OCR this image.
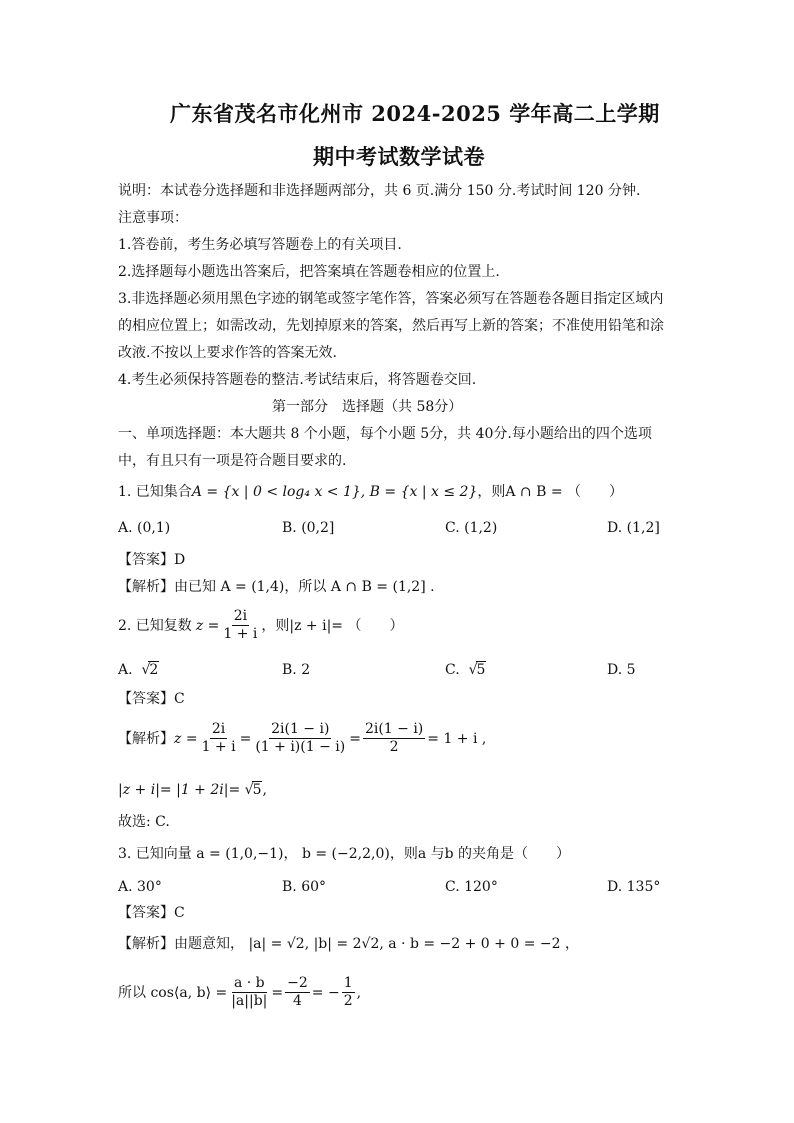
广东省茂名市化州市 2024-2025 学年高二上学期
期中考试数学试卷
说明：本试卷分选择题和非选择题两部分，共 6 页.满分 150 分.考试时间 120 分钟.
注意事项：
1.答卷前，考生务必填写答题卷上的有关项目.
2.选择题每小题选出答案后，把答案填在答题卷相应的位置上.
3.非选择题必须用黑色字迹的钢笔或签字笔作答，答案必须写在答题卷各题目指定区域内
的相应位置上；如需改动，先划掉原来的答案，然后再写上新的答案；不准使用铅笔和涂
改液.不按以上要求作答的答案无效.
4.考生必须保持答题卷的整洁.考试结束后，将答题卷交回.
第一部分　选择题（共 58分）
一、单项选择题：本大题共 8 个小题，每个小题 5分，共 40分.每小题给出的四个选项
中，有且只有一项是符合题目要求的.
1. 已知集合A = {x | 0 < log₄ x < 1}, B = {x | x ≤ 2}，则A ∩ B = （　　）
A. (0,1)	B. (0,2]	C. (1,2)	D. (1,2]
【答案】D
【解析】由已知 A = (1,4)，所以 A ∩ B = (1,2] .
2. 已知复数 $z = \frac{2i}{1 + i}$ ，则|z + i|= （　　）
A. √2	B. 2	C. √5	D. 5
【答案】C
【解析】 $z = \frac{2i}{1 + i} = \frac{2i(1 - i)}{(1 + i)(1 - i)} = \frac{2i(1 - i)}{2} = 1 + i$ ,
|z + i|= |1 + 2i|= √5,
故选: C.
3. 已知向量 a = (1,0,−1)， b = (−2,2,0)，则a 与b 的夹角是（　　）
A. 30°	B. 60°	C. 120°	D. 135°
【答案】C
【解析】由题意知， |a| = √2, |b| = 2√2, a · b = −2 + 0 + 0 = −2 ，
所以 cos⟨a, b⟩ = $\frac{a \cdot b}{|a||b|} = \frac{-2}{4}$ = − $\frac{1}{2}$ ,
